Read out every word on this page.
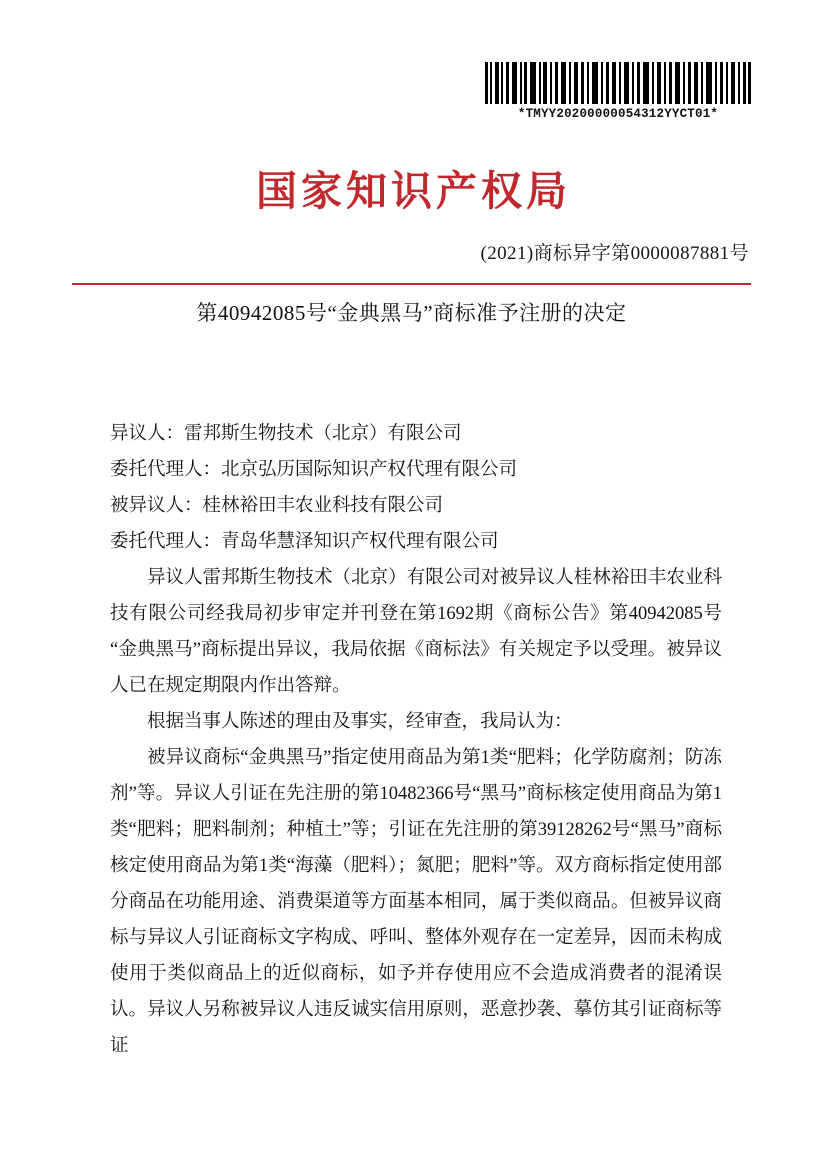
*TMYY20200000054312YYCT01*
国家知识产权局
(2021)商标异字第0000087881号
第40942085号“金典黑马”商标准予注册的决定

异议人：雷邦斯生物技术（北京）有限公司

委托代理人：北京弘历国际知识产权代理有限公司

被异议人：桂林裕田丰农业科技有限公司

委托代理人：青岛华慧泽知识产权代理有限公司

异议人雷邦斯生物技术（北京）有限公司对被异议人桂林裕田丰农业科技有限公司经我局初步审定并刊登在第1692期《商标公告》第40942085号“金典黑马”商标提出异议，我局依据《商标法》有关规定予以受理。被异议人已在规定期限内作出答辩。

根据当事人陈述的理由及事实，经审查，我局认为：

被异议商标“金典黑马”指定使用商品为第1类“肥料；化学防腐剂；防冻剂”等。异议人引证在先注册的第10482366号“黑马”商标核定使用商品为第1类“肥料；肥料制剂；种植土”等；引证在先注册的第39128262号“黑马”商标核定使用商品为第1类“海藻（肥料）；氮肥；肥料”等。双方商标指定使用部分商品在功能用途、消费渠道等方面基本相同，属于类似商品。但被异议商标与异议人引证商标文字构成、呼叫、整体外观存在一定差异，因而未构成使用于类似商品上的近似商标，如予并存使用应不会造成消费者的混淆误认。异议人另称被异议人违反诚实信用原则，恶意抄袭、摹仿其引证商标等证
